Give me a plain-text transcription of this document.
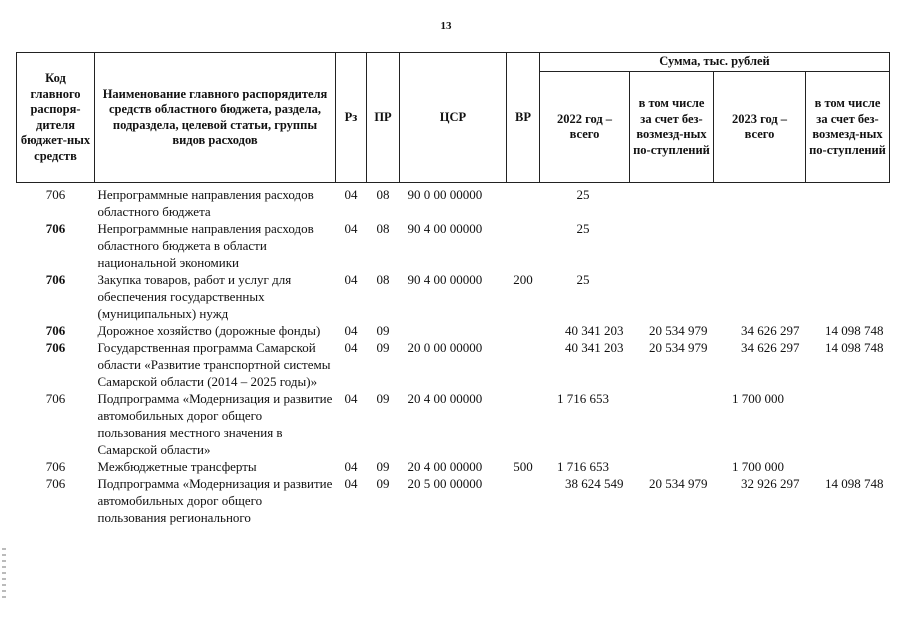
13
Код главного распоря-дителя бюджет-ных средств	Наименование главного распорядителя средств областного бюджета, раздела, подраздела, целевой статьи, группы видов расходов	Рз	ПР	ЦСР	ВР	Сумма, тыс. рублей			
						2022 год – всего	в том числе за счет без-возмезд-ных по-ступлений	2023 год – всего	в том числе за счет без-возмезд-ных по-ступлений
706	Непрограммные направления расходов областного бюджета	04	08	90 0 00 00000		25			
706	Непрограммные направления расходов областного бюджета в области национальной экономики	04	08	90 4 00 00000		25			
706	Закупка товаров, работ и услуг для обеспечения государственных (муниципальных) нужд	04	08	90 4 00 00000	200	25			
706	Дорожное хозяйство (дорожные фонды)	04	09			40 341 203	20 534 979	34 626 297	14 098 748
706	Государственная программа Самарской области «Развитие транспортной системы Самарской области (2014 – 2025 годы)»	04	09	20 0 00 00000		40 341 203	20 534 979	34 626 297	14 098 748
706	Подпрограмма «Модернизация и развитие автомобильных дорог общего пользования местного значения в Самарской области»	04	09	20 4 00 00000		1 716 653		1 700 000	
706	Межбюджетные трансферты	04	09	20 4 00 00000	500	1 716 653		1 700 000	
706	Подпрограмма «Модернизация и развитие автомобильных дорог общего пользования регионального	04	09	20 5 00 00000		38 624 549	20 534 979	32 926 297	14 098 748
